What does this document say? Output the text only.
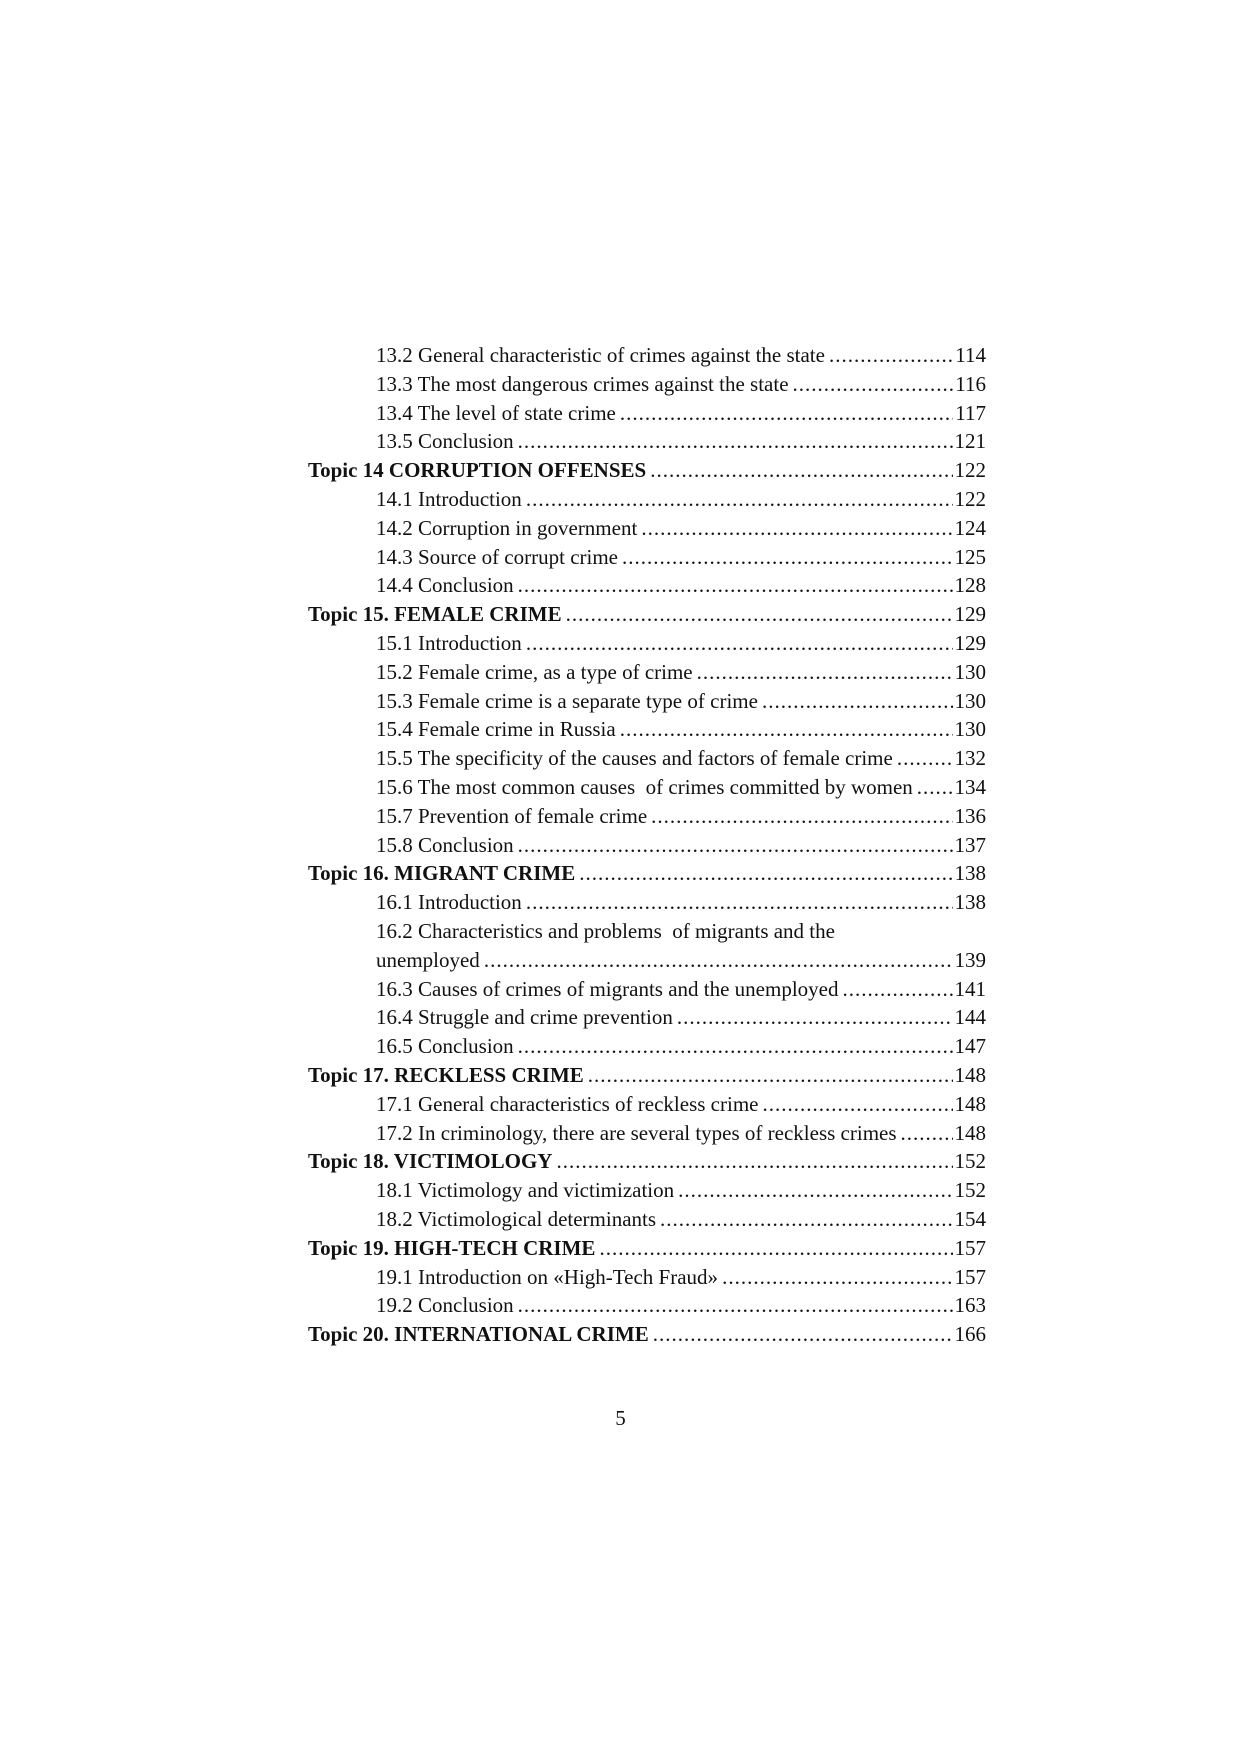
13.2 General characteristic of crimes against the state .....	114
13.3 The most dangerous crimes against the state .....	116
13.4 The level of state crime .....	117
13.5 Conclusion .....	121
Topic 14 CORRUPTION OFFENSES .....	122
14.1 Introduction .....	122
14.2 Corruption in government .....	124
14.3 Source of corrupt crime .....	125
14.4 Conclusion .....	128
Topic 15. FEMALE CRIME .....	129
15.1 Introduction .....	129
15.2 Female crime, as a type of crime .....	130
15.3 Female crime is a separate type of crime .....	130
15.4 Female crime in Russia .....	130
15.5 The specificity of the causes and factors of female crime .....	132
15.6 The most common causes  of crimes committed by women ..... 134
15.7 Prevention of female crime .....	136
15.8 Conclusion .....	137
Topic 16. MIGRANT CRIME .....	138
16.1 Introduction .....	138
16.2 Characteristics and problems  of migrants and the
unemployed .....	139
16.3 Causes of crimes of migrants and the unemployed .....	141
16.4 Struggle and crime prevention .....	144
16.5 Conclusion .....	147
Topic 17. RECKLESS CRIME .....	148
17.1 General characteristics of reckless crime .....	148
17.2 In criminology, there are several types of reckless crimes .....	148
Topic 18. VICTIMOLOGY .....	152
18.1 Victimology and victimization .....	152
18.2 Victimological determinants .....	154
Topic 19. HIGH-TECH CRIME .....	157
19.1 Introduction on «High-Tech Fraud» .....	157
19.2 Conclusion .....	163
Topic 20. INTERNATIONAL CRIME .....	166
5
